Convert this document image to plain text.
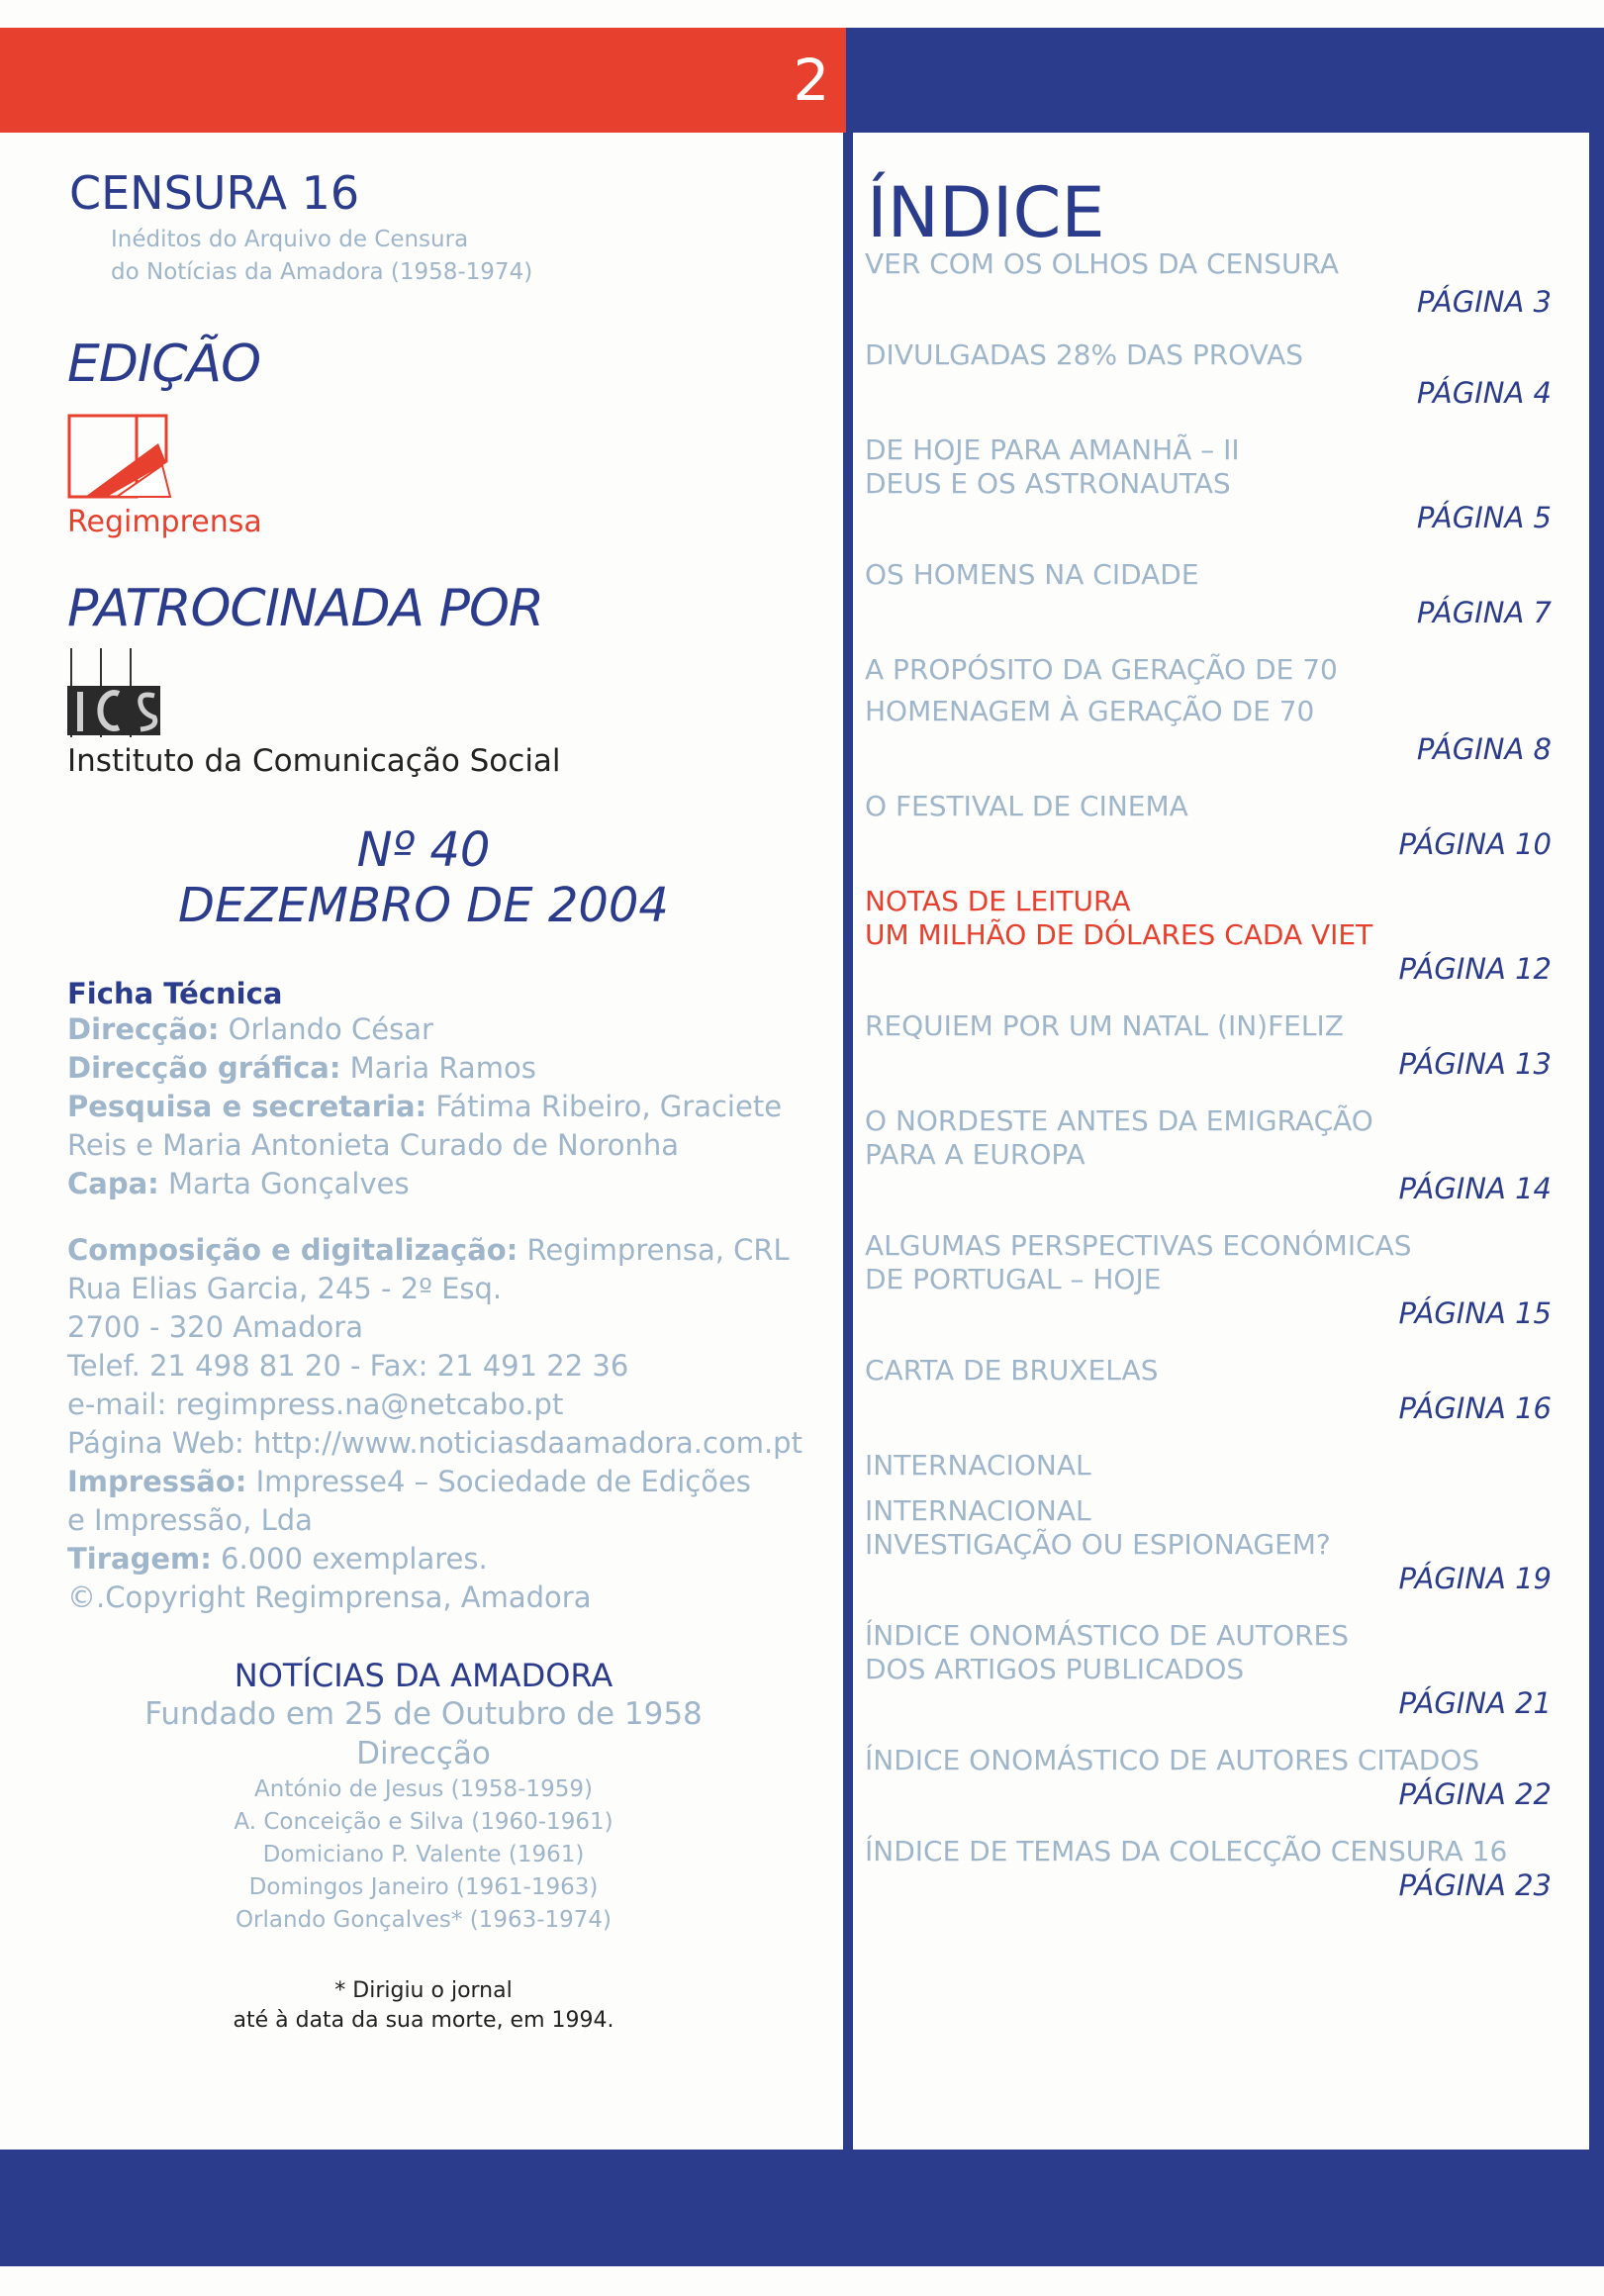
2
CENSURA 16
Inéditos do Arquivo de Censura
do Notícias da Amadora (1958-1974)
EDIÇÃO
Regimprensa
PATROCINADA POR
Instituto da Comunicação Social
Nº 40
DEZEMBRO DE 2004
Ficha Técnica

Direcção: Orlando César

Direcção gráfica: Maria Ramos

Pesquisa e secretaria: Fátima Ribeiro, Graciete

Reis e Maria Antonieta Curado de Noronha

Capa: Marta Gonçalves

Composição e digitalização: Regimprensa, CRL

Rua Elias Garcia, 245 - 2º Esq.

2700 - 320 Amadora

Telef. 21 498 81 20 - Fax: 21 491 22 36

e-mail: regimpress.na@netcabo.pt

Página Web: http://www.noticiasdaamadora.com.pt

Impressão: Impresse4 – Sociedade de Edições

e Impressão, Lda

Tiragem: 6.000 exemplares.

©.Copyright Regimprensa, Amadora

NOTÍCIAS DA AMADORA
Fundado em 25 de Outubro de 1958
Direcção
António de Jesus (1958-1959)
A. Conceição e Silva (1960-1961)
Domiciano P. Valente (1961)
Domingos Janeiro (1961-1963)
Orlando Gonçalves* (1963-1974)
* Dirigiu o jornal
até à data da sua morte, em 1994.
ÍNDICE
VER COM OS OLHOS DA CENSURA
PÁGINA 3
DIVULGADAS 28% DAS PROVAS
PÁGINA 4
DE HOJE PARA AMANHÃ – II
DEUS E OS ASTRONAUTAS
PÁGINA 5
OS HOMENS NA CIDADE
PÁGINA 7
A PROPÓSITO DA GERAÇÃO DE 70
HOMENAGEM À GERAÇÃO DE 70
PÁGINA 8
O FESTIVAL DE CINEMA
PÁGINA 10
NOTAS DE LEITURA
UM MILHÃO DE DÓLARES CADA VIET
PÁGINA 12
REQUIEM POR UM NATAL (IN)FELIZ
PÁGINA 13
O NORDESTE ANTES DA EMIGRAÇÃO
PARA A EUROPA
PÁGINA 14
ALGUMAS PERSPECTIVAS ECONÓMICAS
DE PORTUGAL – HOJE
PÁGINA 15
CARTA DE BRUXELAS
PÁGINA 16
INTERNACIONAL
INTERNACIONAL
INVESTIGAÇÃO OU ESPIONAGEM?
PÁGINA 19
ÍNDICE ONOMÁSTICO DE AUTORES
DOS ARTIGOS PUBLICADOS
PÁGINA 21
ÍNDICE ONOMÁSTICO DE AUTORES CITADOS
PÁGINA 22
ÍNDICE DE TEMAS DA COLECÇÃO CENSURA 16
PÁGINA 23
